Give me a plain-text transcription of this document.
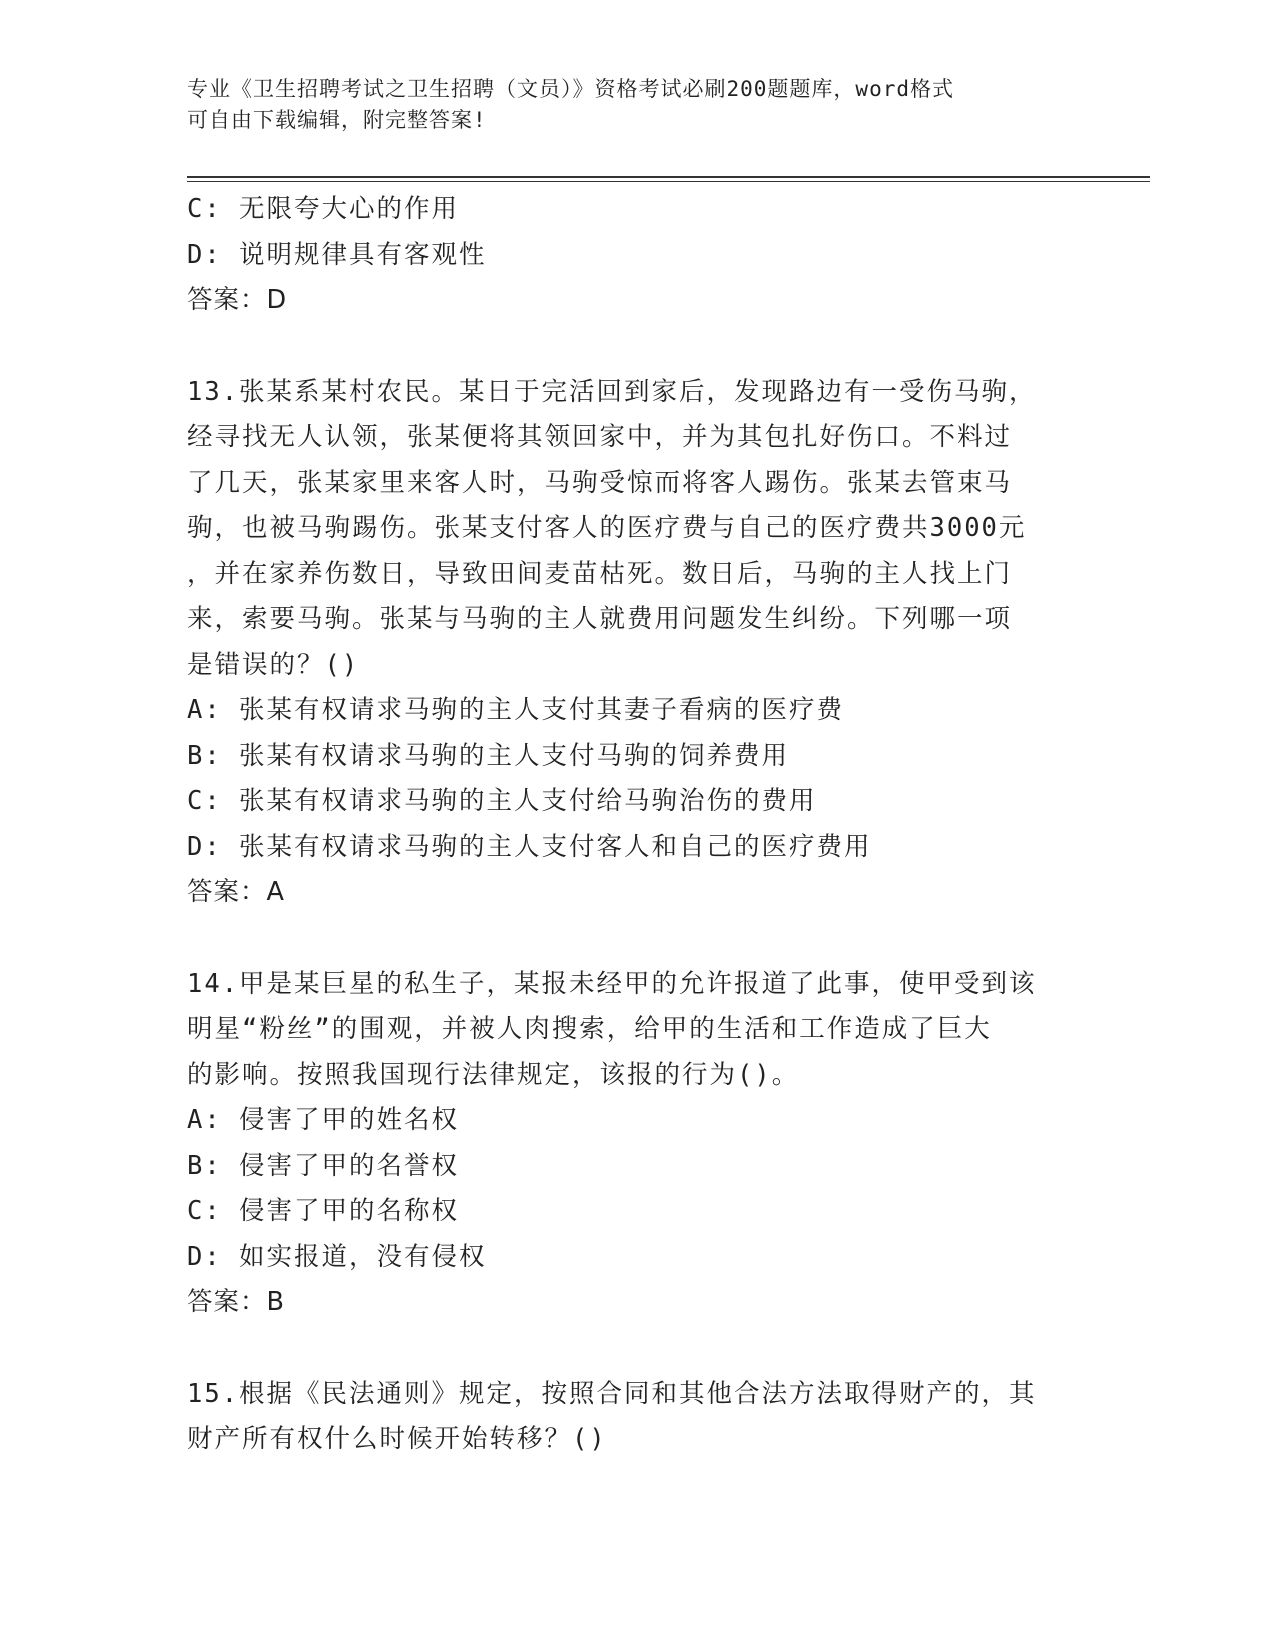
专业《卫生招聘考试之卫生招聘（文员）》资格考试必刷200题题库，word格式
可自由下载编辑，附完整答案!
C: 无限夸大心的作用
D: 说明规律具有客观性
答案：D
13.张某系某村农民。某日于完活回到家后，发现路边有一受伤马驹，
经寻找无人认领，张某便将其领回家中，并为其包扎好伤口。不料过
了几天，张某家里来客人时，马驹受惊而将客人踢伤。张某去管束马
驹，也被马驹踢伤。张某支付客人的医疗费与自己的医疗费共3000元
，并在家养伤数日，导致田间麦苗枯死。数日后，马驹的主人找上门
来，索要马驹。张某与马驹的主人就费用问题发生纠纷。下列哪一项
是错误的？()
A: 张某有权请求马驹的主人支付其妻子看病的医疗费
B: 张某有权请求马驹的主人支付马驹的饲养费用
C: 张某有权请求马驹的主人支付给马驹治伤的费用
D: 张某有权请求马驹的主人支付客人和自己的医疗费用
答案：A
14.甲是某巨星的私生子，某报未经甲的允许报道了此事，使甲受到该
明星“粉丝”的围观，并被人肉搜索，给甲的生活和工作造成了巨大
的影响。按照我国现行法律规定，该报的行为()。
A: 侵害了甲的姓名权
B: 侵害了甲的名誉权
C: 侵害了甲的名称权
D: 如实报道，没有侵权
答案：B
15.根据《民法通则》规定，按照合同和其他合法方法取得财产的，其
财产所有权什么时候开始转移？()
